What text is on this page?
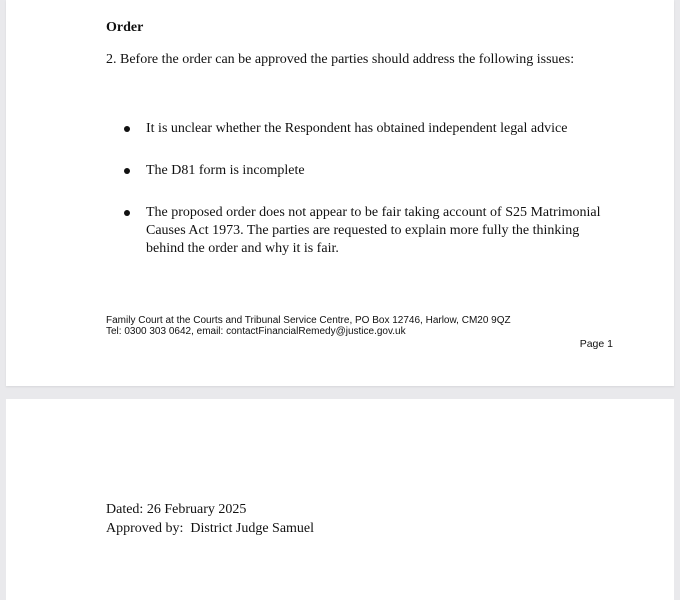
Order
2. Before the order can be approved the parties should address the following issues:
It is unclear whether the Respondent has obtained independent legal advice
The D81 form is incomplete
The proposed order does not appear to be fair taking account of S25 Matrimonial Causes Act 1973. The parties are requested to explain more fully the thinking behind the order and why it is fair.
Family Court at the Courts and Tribunal Service Centre, PO Box 12746, Harlow, CM20 9QZ
Tel: 0300 303 0642, email: contactFinancialRemedy@justice.gov.uk
Page 1
Dated: 26 February 2025
Approved by:  District Judge Samuel
